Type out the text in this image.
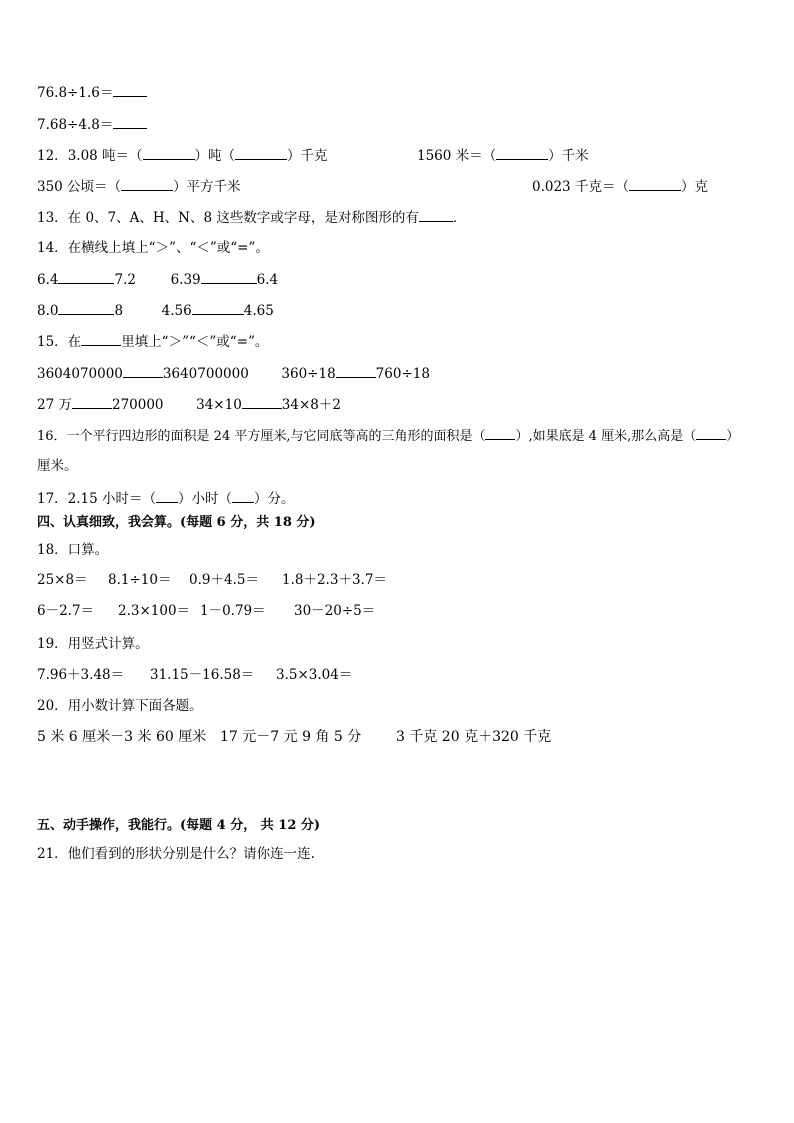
76.8÷1.6＝
7.68÷4.8＝
12．3.08 吨＝（	）吨（	）千克	1560 米＝（	）千米
350 公顷＝（	）平方千米	0.023 千克＝（	）克
13．在 0、7、A、H、N、8 这些数字或字母，是对称图形的有	．
14．在横线上填上“＞”、“＜”或“=”。
6.4	7.2	6.39	6.4
8.0	8	4.56	4.65
15．在	里填上“＞”“＜”或“=”。
3604070000	3640700000 360÷18	760÷18
27 万	270000 34×10	34×8＋2
16．一个平行四边形的面积是 24 平方厘米,与它同底等高的三角形的面积是（ ）,如果底是 4 厘米,那么高是（ ）
厘米。
17．2.15 小时＝（ ）小时（ ）分。
四、认真细致，我会算。(每题 6 分，共 18 分)
18．口算。
25×8＝ 8.1÷10＝ 0.9＋4.5＝ 1.8＋2.3＋3.7＝
6－2.7＝ 2.3×100＝ 1－0.79＝ 30－20÷5＝
19．用竖式计算。
7.96＋3.48＝ 31.15－16.58＝ 3.5×3.04＝
20．用小数计算下面各题。
5 米 6 厘米－3 米 60 厘米 17 元－7 元 9 角 5 分 3 千克 20 克＋320 千克
五、动手操作，我能行。(每题 4 分， 共 12 分)
21．他们看到的形状分别是什么？请你连一连.
